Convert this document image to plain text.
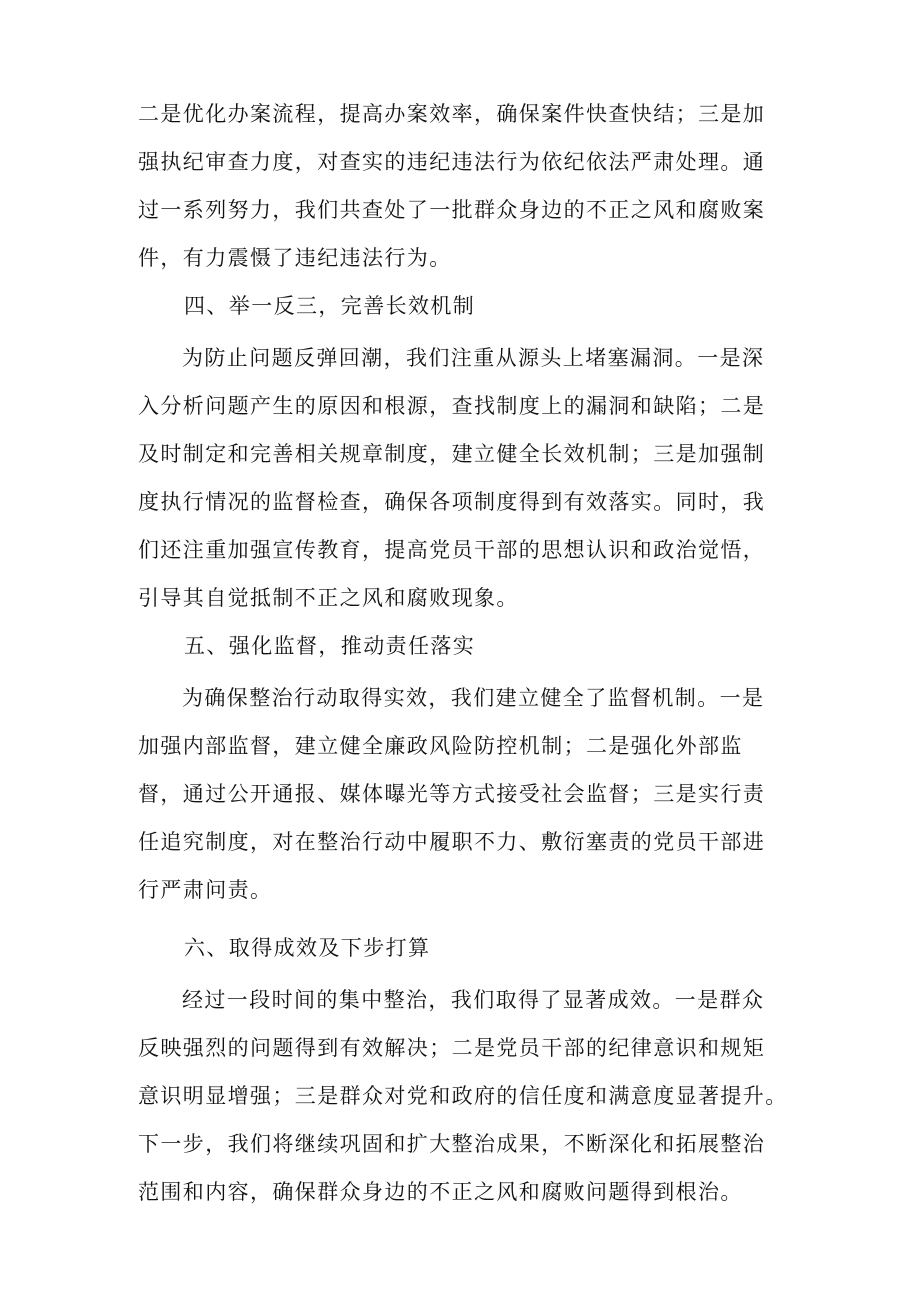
二是优化办案流程，提高办案效率，确保案件快查快结；三是加
强执纪审查力度，对查实的违纪违法行为依纪依法严肃处理。通
过一系列努力，我们共查处了一批群众身边的不正之风和腐败案
件，有力震慑了违纪违法行为。
四、举一反三，完善长效机制
为防止问题反弹回潮，我们注重从源头上堵塞漏洞。一是深
入分析问题产生的原因和根源，查找制度上的漏洞和缺陷；二是
及时制定和完善相关规章制度，建立健全长效机制；三是加强制
度执行情况的监督检查，确保各项制度得到有效落实。同时，我
们还注重加强宣传教育，提高党员干部的思想认识和政治觉悟，
引导其自觉抵制不正之风和腐败现象。
五、强化监督，推动责任落实
为确保整治行动取得实效，我们建立健全了监督机制。一是
加强内部监督，建立健全廉政风险防控机制；二是强化外部监
督，通过公开通报、媒体曝光等方式接受社会监督；三是实行责
任追究制度，对在整治行动中履职不力、敷衍塞责的党员干部进
行严肃问责。
六、取得成效及下步打算
经过一段时间的集中整治，我们取得了显著成效。一是群众
反映强烈的问题得到有效解决；二是党员干部的纪律意识和规矩
意识明显增强；三是群众对党和政府的信任度和满意度显著提升。
下一步，我们将继续巩固和扩大整治成果，不断深化和拓展整治
范围和内容，确保群众身边的不正之风和腐败问题得到根治。
